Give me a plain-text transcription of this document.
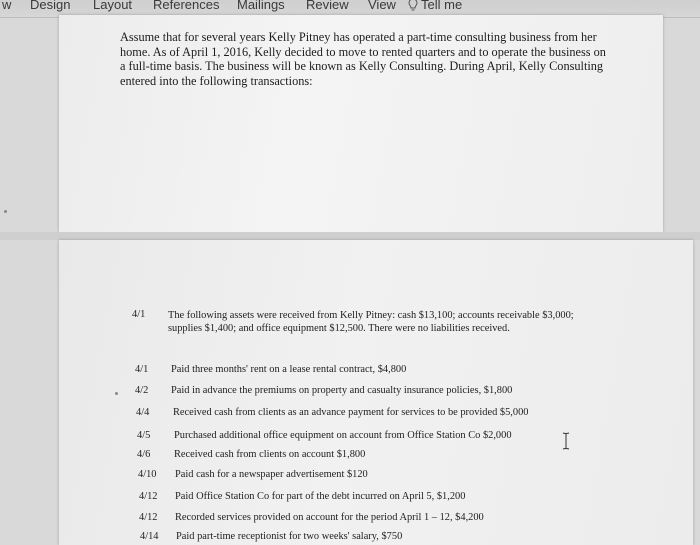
w Design Layout References Mailings Review View Tell me

Assume that for several years Kelly Pitney has operated a part-time consulting business from her home. As of April 1, 2016, Kelly decided to move to rented quarters and to operate the business on a full-time basis. The business will be known as Kelly Consulting. During April, Kelly Consulting entered into the following transactions:

4/1 The following assets were received from Kelly Pitney: cash $13,100; accounts receivable $3,000; supplies $1,400; and office equipment $12,500. There were no liabilities received.
4/1 Paid three months' rent on a lease rental contract, $4,800
4/2 Paid in advance the premiums on property and casualty insurance policies, $1,800
4/4 Received cash from clients as an advance payment for services to be provided $5,000
4/5 Purchased additional office equipment on account from Office Station Co $2,000
4/6 Received cash from clients on account $1,800
4/10 Paid cash for a newspaper advertisement $120
4/12 Paid Office Station Co for part of the debt incurred on April 5, $1,200
4/12 Recorded services provided on account for the period April 1 – 12, $4,200
4/14 Paid part-time receptionist for two weeks' salary, $750
